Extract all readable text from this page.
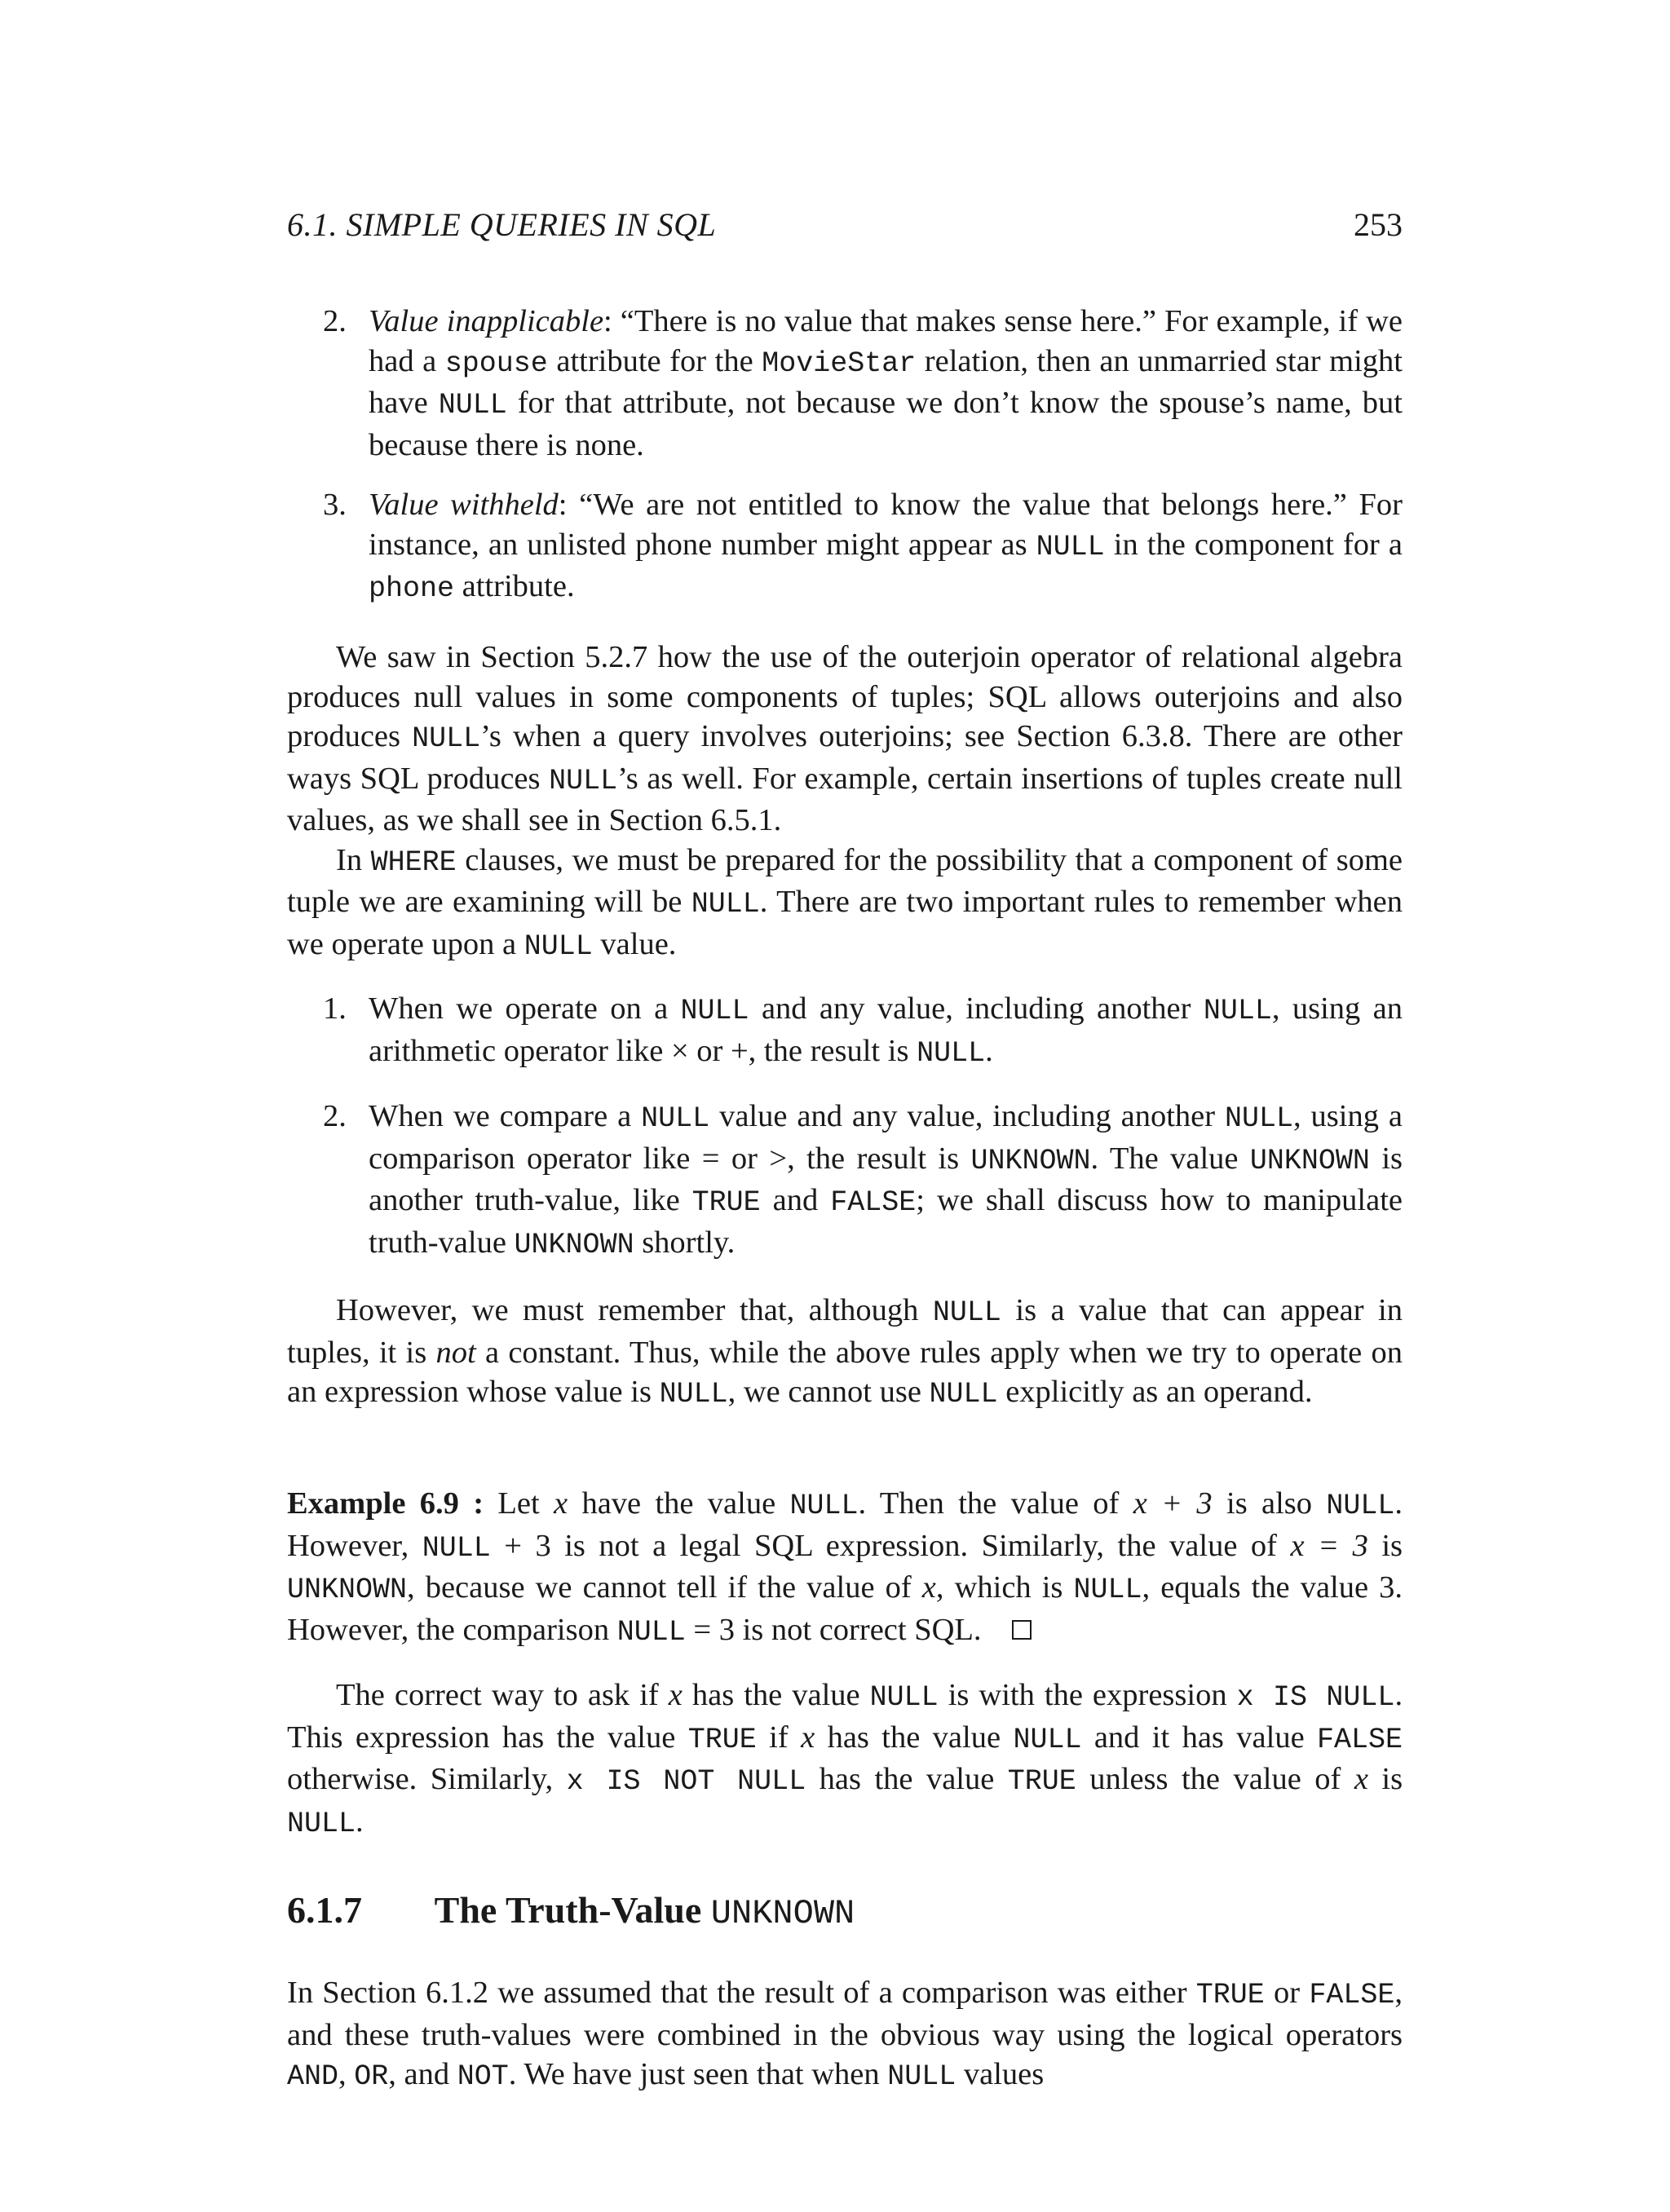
6.1. SIMPLE QUERIES IN SQL	253
2. Value inapplicable: “There is no value that makes sense here.” For example, if we had a spouse attribute for the MovieStar relation, then an unmarried star might have NULL for that attribute, not because we don’t know the spouse’s name, but because there is none.
3. Value withheld: “We are not entitled to know the value that belongs here.” For instance, an unlisted phone number might appear as NULL in the component for a phone attribute.

We saw in Section 5.2.7 how the use of the outerjoin operator of relational algebra produces null values in some components of tuples; SQL allows outerjoins and also produces NULL’s when a query involves outerjoins; see Section 6.3.8. There are other ways SQL produces NULL’s as well. For example, certain insertions of tuples create null values, as we shall see in Section 6.5.1.

In WHERE clauses, we must be prepared for the possibility that a component of some tuple we are examining will be NULL. There are two important rules to remember when we operate upon a NULL value.

1. When we operate on a NULL and any value, including another NULL, using an arithmetic operator like × or +, the result is NULL.
2. When we compare a NULL value and any value, including another NULL, using a comparison operator like = or >, the result is UNKNOWN. The value UNKNOWN is another truth-value, like TRUE and FALSE; we shall discuss how to manipulate truth-value UNKNOWN shortly.

However, we must remember that, although NULL is a value that can appear in tuples, it is not a constant. Thus, while the above rules apply when we try to operate on an expression whose value is NULL, we cannot use NULL explicitly as an operand.

Example 6.9 : Let x have the value NULL. Then the value of x + 3 is also NULL. However, NULL + 3 is not a legal SQL expression. Similarly, the value of x = 3 is UNKNOWN, because we cannot tell if the value of x, which is NULL, equals the value 3. However, the comparison NULL = 3 is not correct SQL.

The correct way to ask if x has the value NULL is with the expression x IS NULL. This expression has the value TRUE if x has the value NULL and it has value FALSE otherwise. Similarly, x IS NOT NULL has the value TRUE unless the value of x is NULL.

6.1.7 The Truth-Value UNKNOWN

In Section 6.1.2 we assumed that the result of a comparison was either TRUE or FALSE, and these truth-values were combined in the obvious way using the logical operators AND, OR, and NOT. We have just seen that when NULL values
